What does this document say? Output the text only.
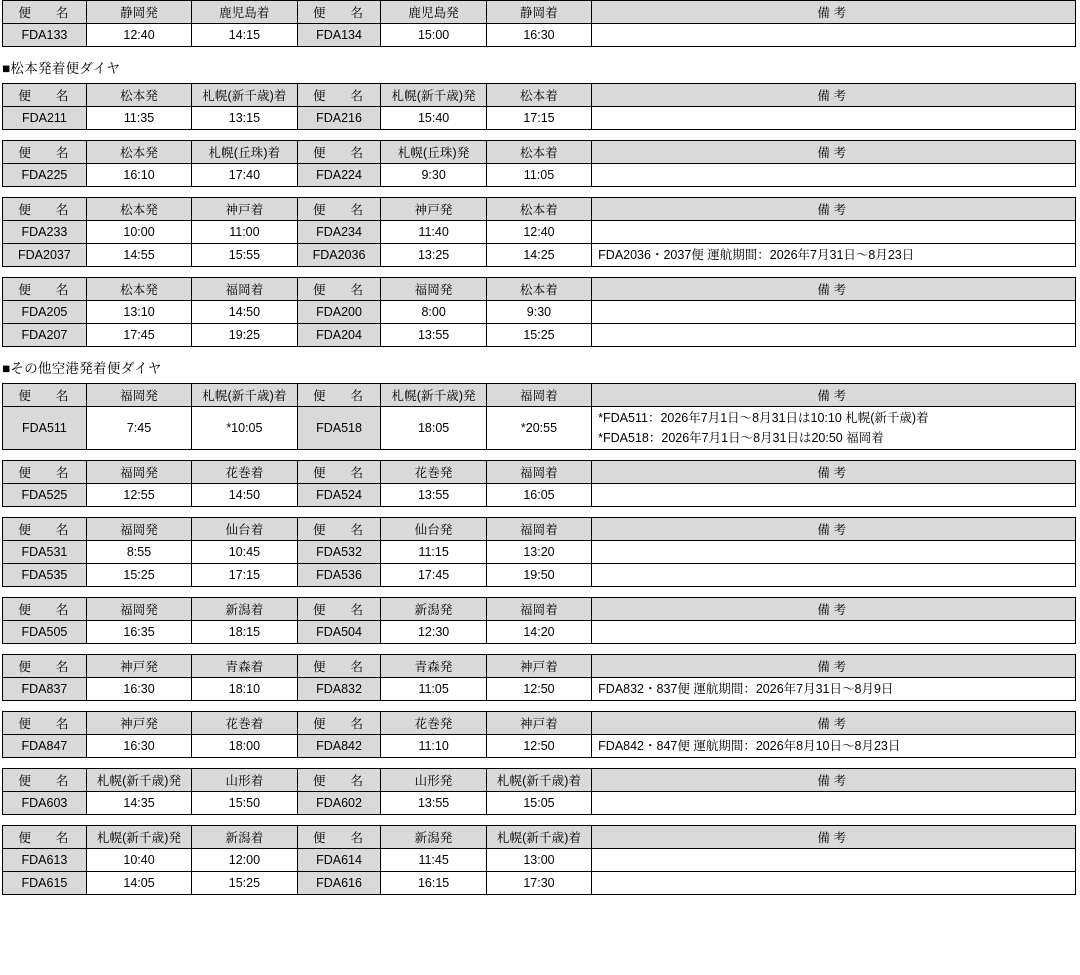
便　名	静岡発	鹿児島着	便　名	鹿児島発	静岡着	備考
FDA133	12:40	14:15	FDA134	15:00	16:30	
■松本発着便ダイヤ
便　名	松本発	札幌(新千歳)着	便　名	札幌(新千歳)発	松本着	備考
FDA211	11:35	13:15	FDA216	15:40	17:15	
便　名	松本発	札幌(丘珠)着	便　名	札幌(丘珠)発	松本着	備考
FDA225	16:10	17:40	FDA224	9:30	11:05	
便　名	松本発	神戸着	便　名	神戸発	松本着	備考
FDA233	10:00	11:00	FDA234	11:40	12:40	
FDA2037	14:55	15:55	FDA2036	13:25	14:25	FDA2036・2037便 運航期間：2026年7月31日～8月23日
便　名	松本発	福岡着	便　名	福岡発	松本着	備考
FDA205	13:10	14:50	FDA200	8:00	9:30	
FDA207	17:45	19:25	FDA204	13:55	15:25	
■その他空港発着便ダイヤ
便　名	福岡発	札幌(新千歳)着	便　名	札幌(新千歳)発	福岡着	備考
FDA511	7:45	*10:05	FDA518	18:05	*20:55	*FDA511：2026年7月1日～8月31日は10:10 札幌(新千歳)着
*FDA518：2026年7月1日～8月31日は20:50 福岡着
便　名	福岡発	花巻着	便　名	花巻発	福岡着	備考
FDA525	12:55	14:50	FDA524	13:55	16:05	
便　名	福岡発	仙台着	便　名	仙台発	福岡着	備考
FDA531	8:55	10:45	FDA532	11:15	13:20	
FDA535	15:25	17:15	FDA536	17:45	19:50	
便　名	福岡発	新潟着	便　名	新潟発	福岡着	備考
FDA505	16:35	18:15	FDA504	12:30	14:20	
便　名	神戸発	青森着	便　名	青森発	神戸着	備考
FDA837	16:30	18:10	FDA832	11:05	12:50	FDA832・837便 運航期間：2026年7月31日～8月9日
便　名	神戸発	花巻着	便　名	花巻発	神戸着	備考
FDA847	16:30	18:00	FDA842	11:10	12:50	FDA842・847便 運航期間：2026年8月10日～8月23日
便　名	札幌(新千歳)発	山形着	便　名	山形発	札幌(新千歳)着	備考
FDA603	14:35	15:50	FDA602	13:55	15:05	
便　名	札幌(新千歳)発	新潟着	便　名	新潟発	札幌(新千歳)着	備考
FDA613	10:40	12:00	FDA614	11:45	13:00	
FDA615	14:05	15:25	FDA616	16:15	17:30	
